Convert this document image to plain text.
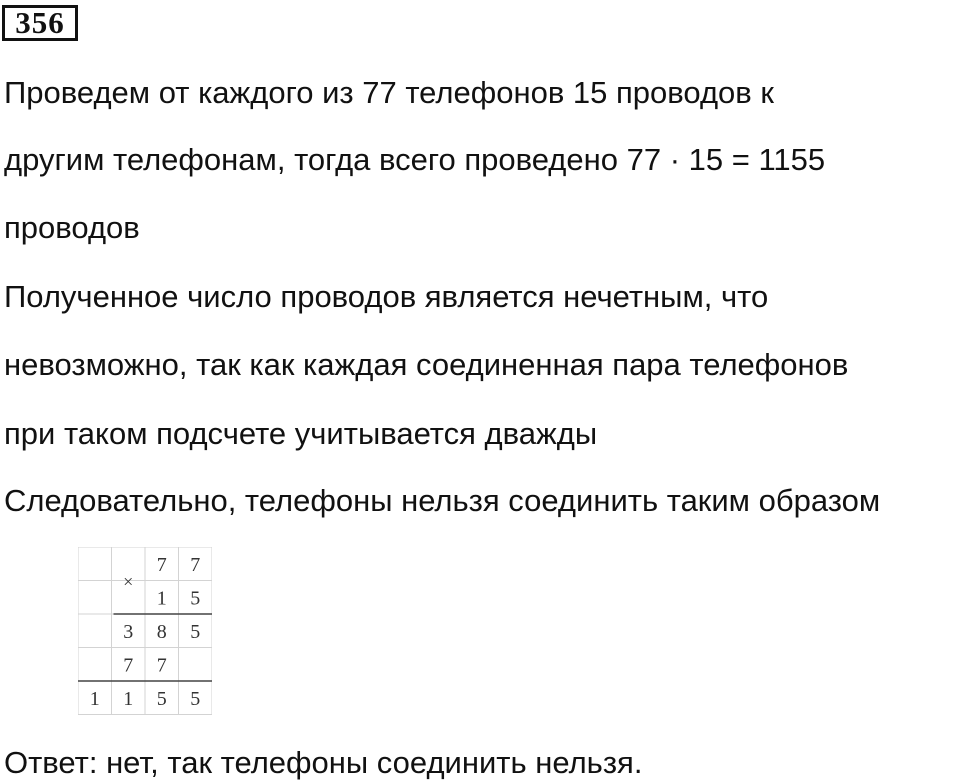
356
Проведем от каждого из 77 телефонов 15 проводов к
другим телефонам, тогда всего проведено 77 · 15 = 1155
проводов
Полученное число проводов является нечетным, что
невозможно, так как каждая соединенная пара телефонов
при таком подсчете учитывается дважды
Следовательно, телефоны нельзя соединить таким образом
7 7
1 5
3 8 5
7 7
1 1 5 5
×
Ответ: нет, так телефоны соединить нельзя.
